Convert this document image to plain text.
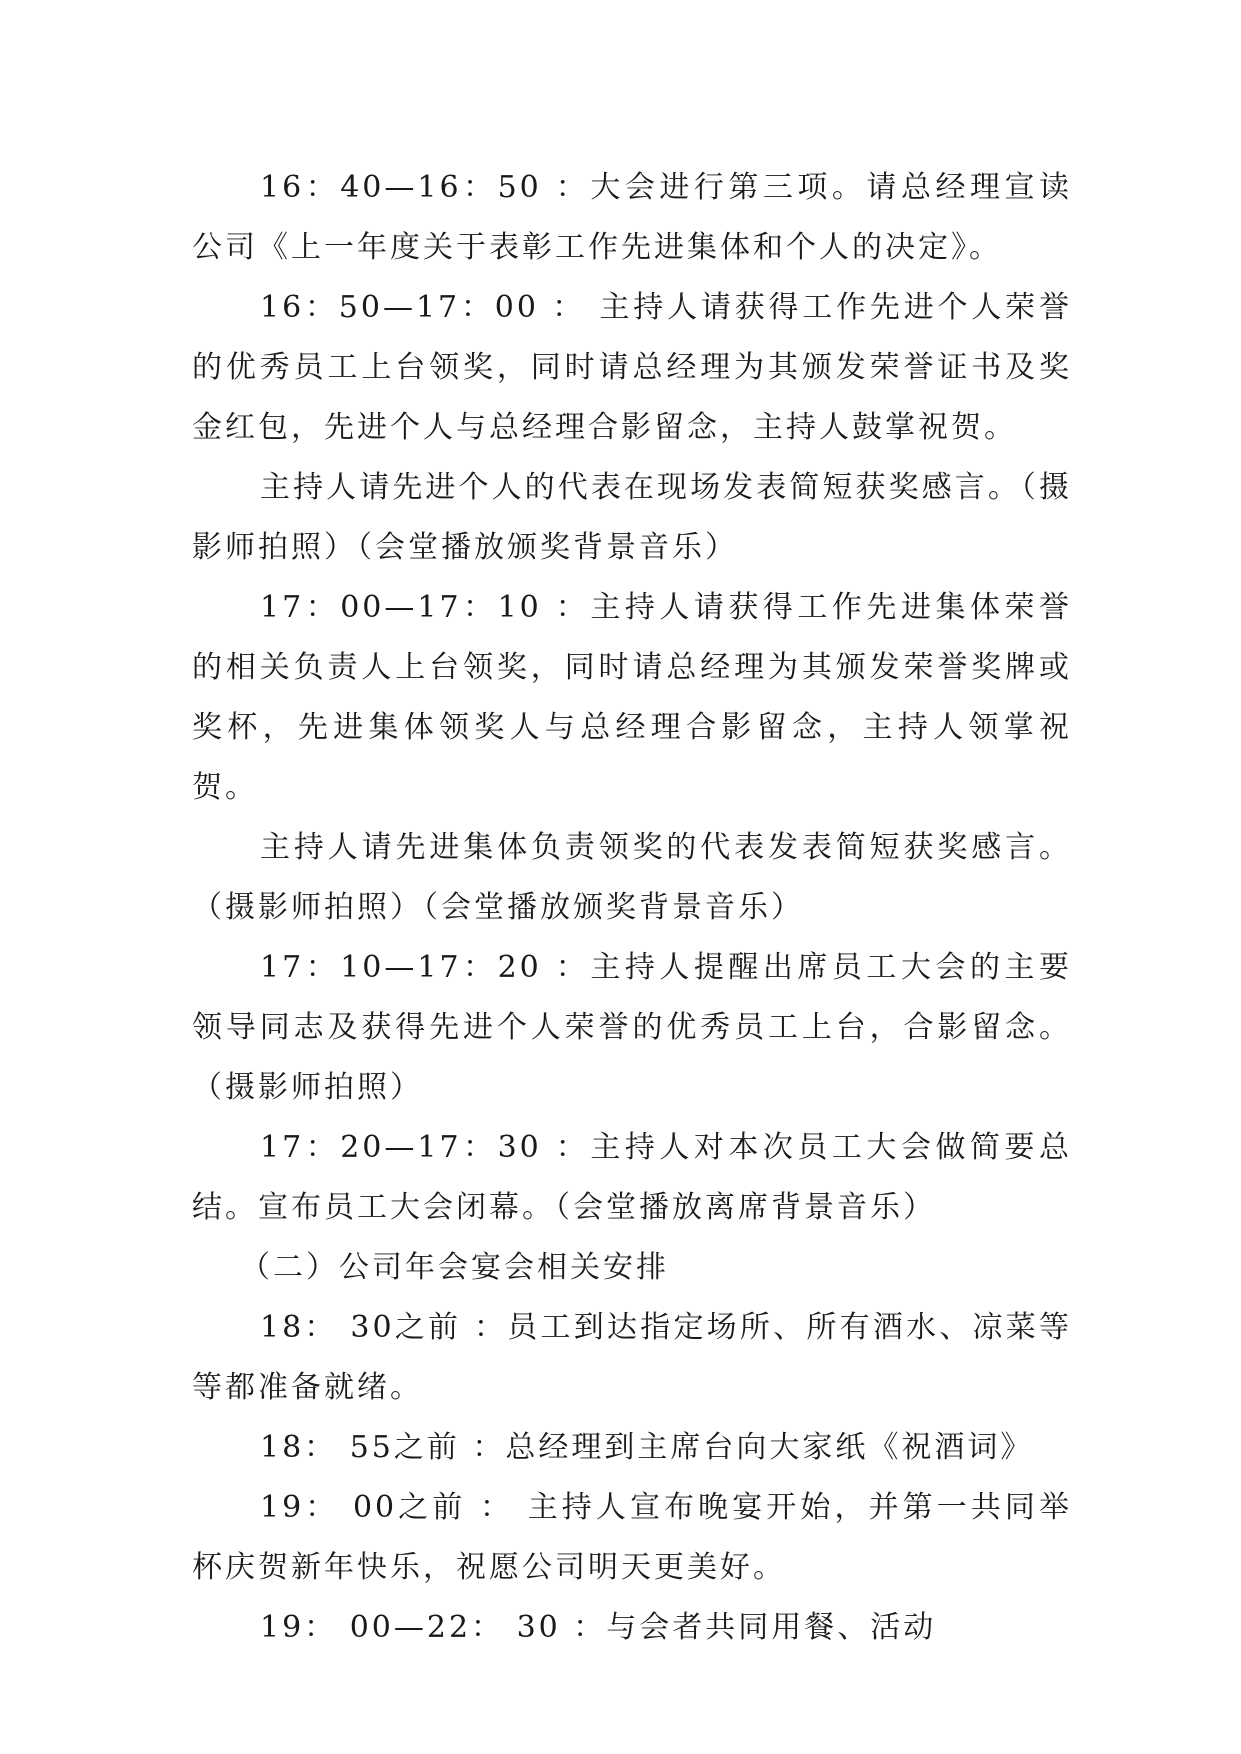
16：40—16：50 ：大会进行第三项。请总经理宣读公司《上一年度关于表彰工作先进集体和个人的决定》。

16：50—17：00 ： 主持人请获得工作先进个人荣誉的优秀员工上台领奖，同时请总经理为其颁发荣誉证书及奖金红包，先进个人与总经理合影留念，主持人鼓掌祝贺。

主持人请先进个人的代表在现场发表简短获奖感言。（摄影师拍照）（会堂播放颁奖背景音乐）

17：00—17：10 ：主持人请获得工作先进集体荣誉的相关负责人上台领奖，同时请总经理为其颁发荣誉奖牌或奖杯，先进集体领奖人与总经理合影留念，主持人领掌祝贺。

主持人请先进集体负责领奖的代表发表简短获奖感言。（摄影师拍照）（会堂播放颁奖背景音乐）

17：10—17：20 ：主持人提醒出席员工大会的主要领导同志及获得先进个人荣誉的优秀员工上台，合影留念。（摄影师拍照）

17：20—17：30 ：主持人对本次员工大会做简要总结。宣布员工大会闭幕。（会堂播放离席背景音乐）

（二）公司年会宴会相关安排

18： 30之前 ：员工到达指定场所、所有酒水、凉菜等等都准备就绪。

18： 55之前 ：总经理到主席台向大家纸《祝酒词》

19： 00之前 ： 主持人宣布晚宴开始，并第一共同举杯庆贺新年快乐，祝愿公司明天更美好。

19： 00—22： 30 ：与会者共同用餐、活动
